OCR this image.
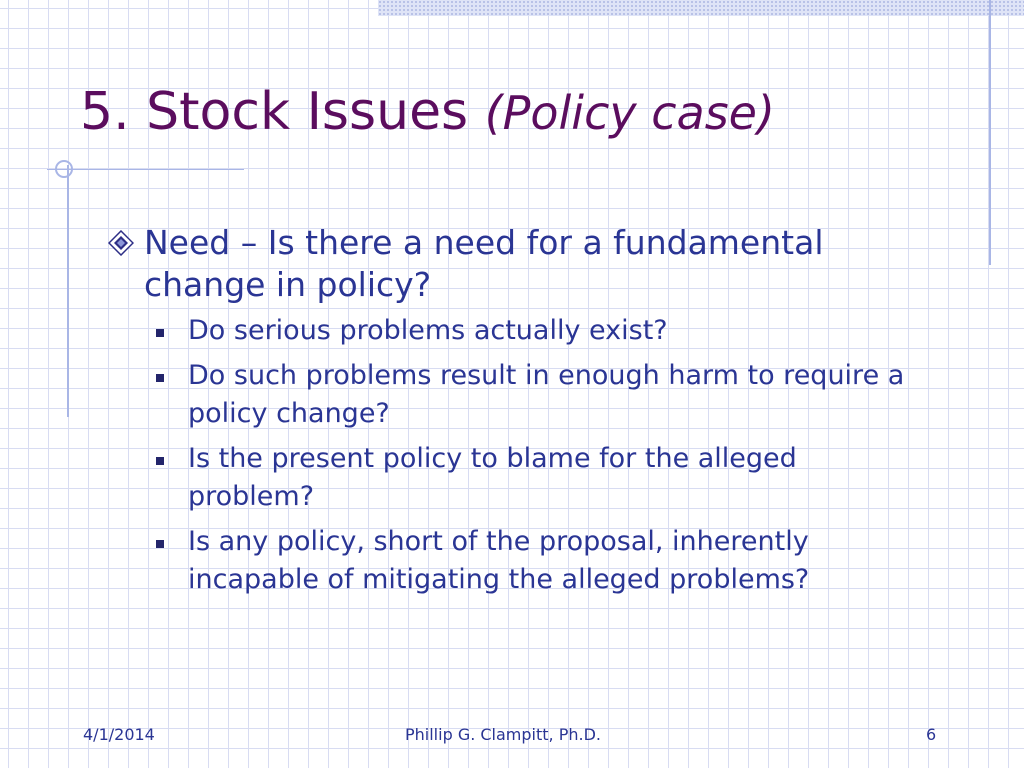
5. Stock Issues (Policy case)
Need – Is there a need for a fundamental change in policy?
Do serious problems actually exist?
Do such problems result in enough harm to require a policy change?
Is the present policy to blame for the alleged problem?
Is any policy, short of the proposal, inherently incapable of mitigating the alleged problems?
4/1/2014	Phillip G. Clampitt, Ph.D.	6
